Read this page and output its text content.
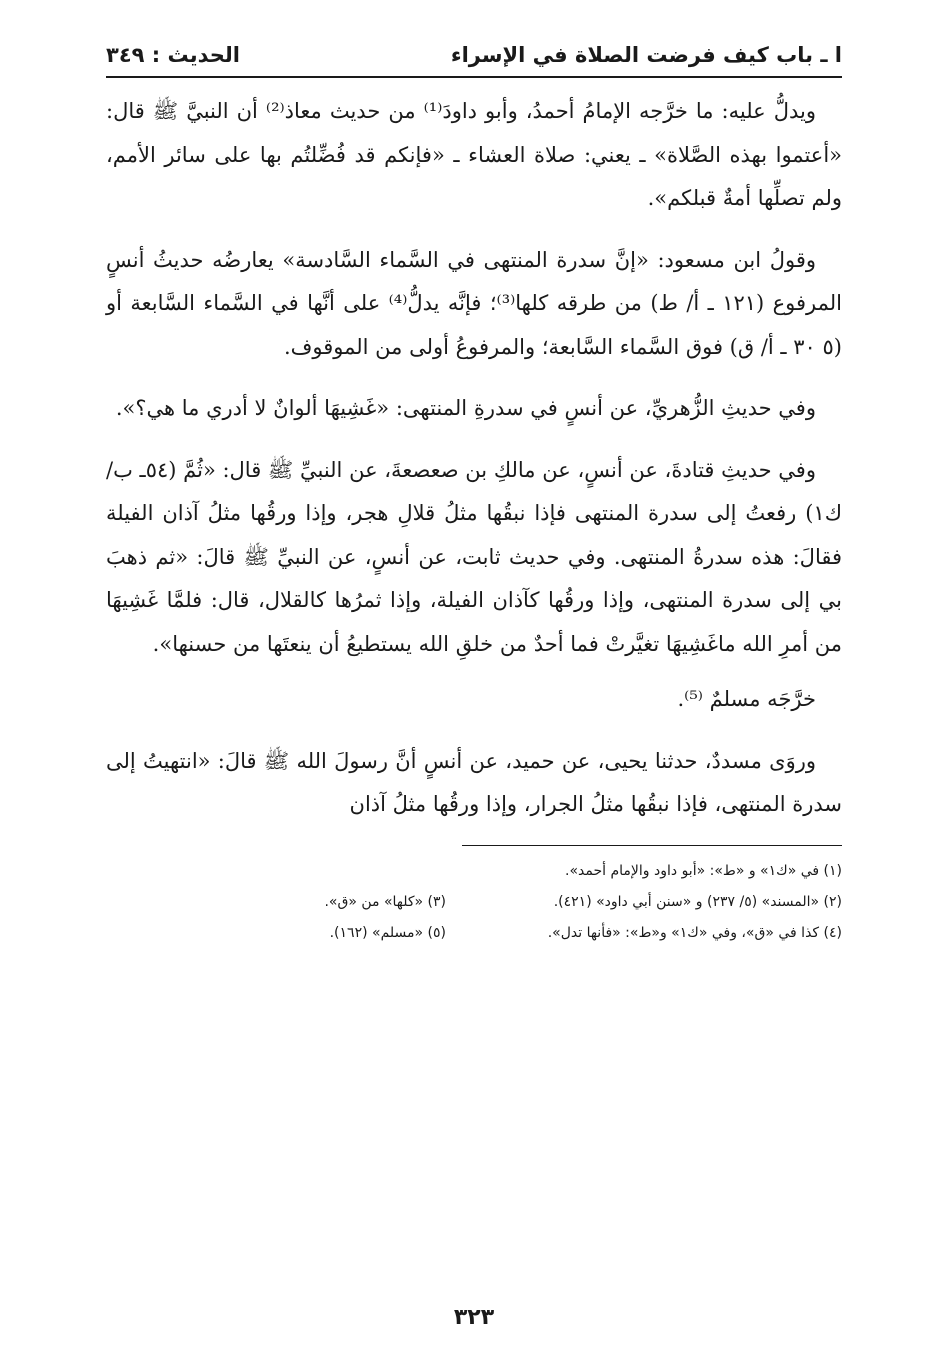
ا ـ باب كيف فرضت الصلاة في الإسراء
الحديث : ٣٤٩

ويدلُّ عليه: ما خرَّجه الإمامُ أحمدُ، وأبو داودَ⁽¹⁾ من حديث معاذ⁽²⁾ أن النبيَّ ﷺ قال: «أعتموا بهذه الصَّلاة» ـ يعني: صلاة العشاء ـ «فإنكم قد فُضِّلتُم بها على سائر الأمم، ولم تصلِّها أمةٌ قبلكم».

وقولُ ابن مسعود: «إنَّ سدرة المنتهى في السَّماء السَّادسة» يعارضُه حديثُ أنسٍ المرفوع (١٢١ ـ أ/ ط) من طرقه كلها⁽³⁾؛ فإنَّه يدلُّ⁽⁴⁾ على أنَّها في السَّماء السَّابعة أو (٥ ٣٠ ـ أ/ ق) فوق السَّماء السَّابعة؛ والمرفوعُ أولى من الموقوف.

وفي حديثِ الزُّهريِّ، عن أنسٍ في سدرةِ المنتهى: «غَشِيهَا ألوانٌ لا أدري ما هي؟».

وفي حديثِ قتادةَ، عن أنسٍ، عن مالكِ بن صعصعةَ، عن النبيِّ ﷺ قال: «ثُمَّ (٥٤ـ ب/ ك١) رفعتُ إلى سدرة المنتهى فإذا نبقُها مثلُ قلالِ هجر، وإذا ورقُها مثلُ آذان الفيلة فقالَ: هذه سدرةُ المنتهى. وفي حديث ثابت، عن أنسٍ، عن النبيِّ ﷺ قالَ: «ثم ذهبَ بي إلى سدرة المنتهى، وإذا ورقُها كآذان الفيلة، وإذا ثمرُها كالقلال، قال: فلمَّا غَشِيهَا من أمرِ الله ماغَشِيهَا تغيَّرتْ فما أحدٌ من خلقِ الله يستطيعُ أن ينعتَها من حسنها».

خرَّجَه مسلمٌ ⁽⁵⁾.

وروَى مسددٌ، حدثنا يحيى، عن حميد، عن أنسٍ أنَّ رسولَ الله ﷺ قالَ: «انتهيتُ إلى سدرة المنتهى، فإذا نبقُها مثلُ الجرار، وإذا ورقُها مثلُ آذان

(١) في «ك١» و «ط»: «أبو داود والإمام أحمد».
(٢) «المسند» (٥/ ٢٣٧) و «سنن أبي داود» (٤٢١).
(٣) «كلها» من «ق».
(٤) كذا في «ق»، وفي «ك١» و«ط»: «فأنها تدل».
(٥) «مسلم» (١٦٢).
٣٢٣
